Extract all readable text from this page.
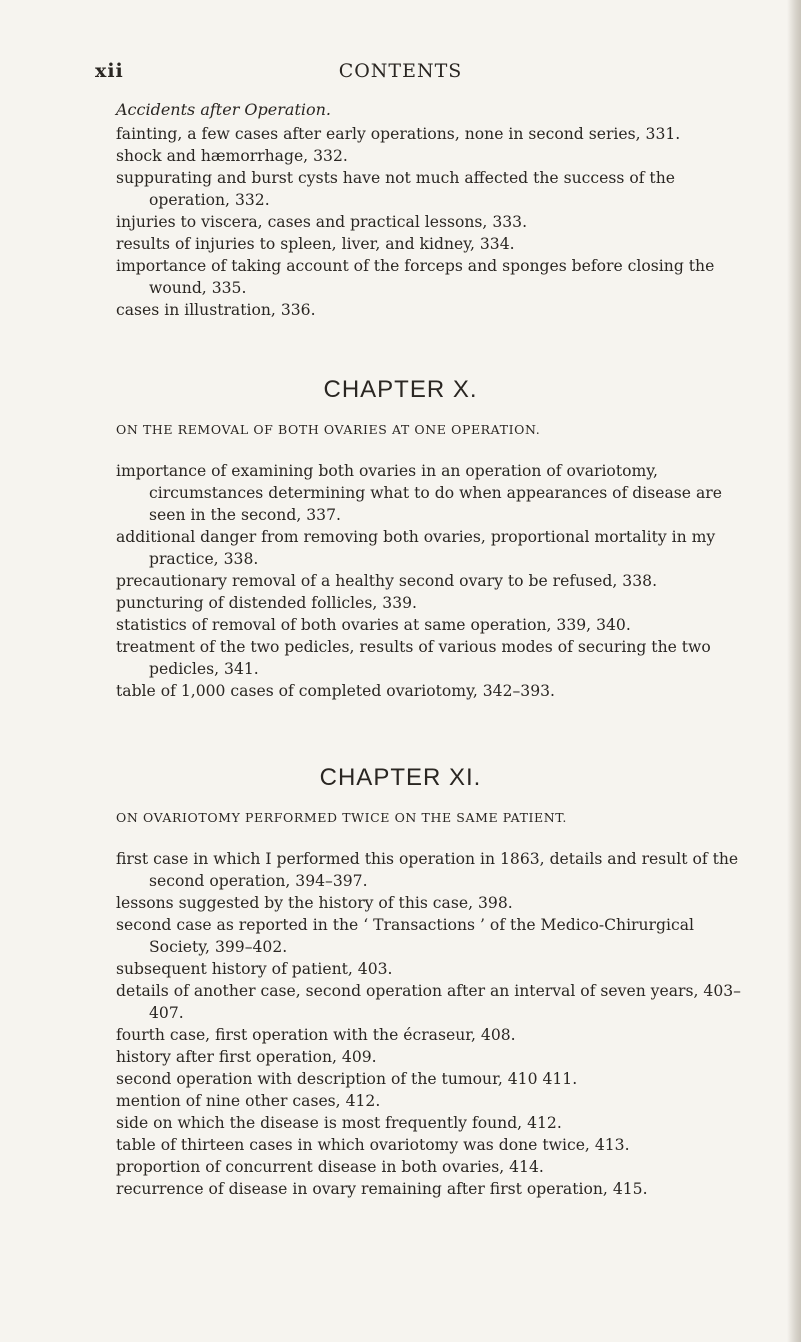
xii	CONTENTS
Accidents after Operation.
fainting, a few cases after early operations, none in second series, 331.
shock and hæmorrhage, 332.
suppurating and burst cysts have not much affected the success of the operation, 332.
injuries to viscera, cases and practical lessons, 333.
results of injuries to spleen, liver, and kidney, 334.
importance of taking account of the forceps and sponges before closing the wound, 335.
cases in illustration, 336.
CHAPTER X.
ON THE REMOVAL OF BOTH OVARIES AT ONE OPERATION.
importance of examining both ovaries in an operation of ovariotomy, circumstances determining what to do when appearances of disease are seen in the second, 337.
additional danger from removing both ovaries, proportional mortality in my practice, 338.
precautionary removal of a healthy second ovary to be refused, 338.
puncturing of distended follicles, 339.
statistics of removal of both ovaries at same operation, 339, 340.
treatment of the two pedicles, results of various modes of securing the two pedicles, 341.
table of 1,000 cases of completed ovariotomy, 342–393.
CHAPTER XI.
ON OVARIOTOMY PERFORMED TWICE ON THE SAME PATIENT.
first case in which I performed this operation in 1863, details and result of the second operation, 394–397.
lessons suggested by the history of this case, 398.
second case as reported in the ‘ Transactions ’ of the Medico-Chirurgical Society, 399–402.
subsequent history of patient, 403.
details of another case, second operation after an interval of seven years, 403–407.
fourth case, first operation with the écraseur, 408.
history after first operation, 409.
second operation with description of the tumour, 410 411.
mention of nine other cases, 412.
side on which the disease is most frequently found, 412.
table of thirteen cases in which ovariotomy was done twice, 413.
proportion of concurrent disease in both ovaries, 414.
recurrence of disease in ovary remaining after first operation, 415.
